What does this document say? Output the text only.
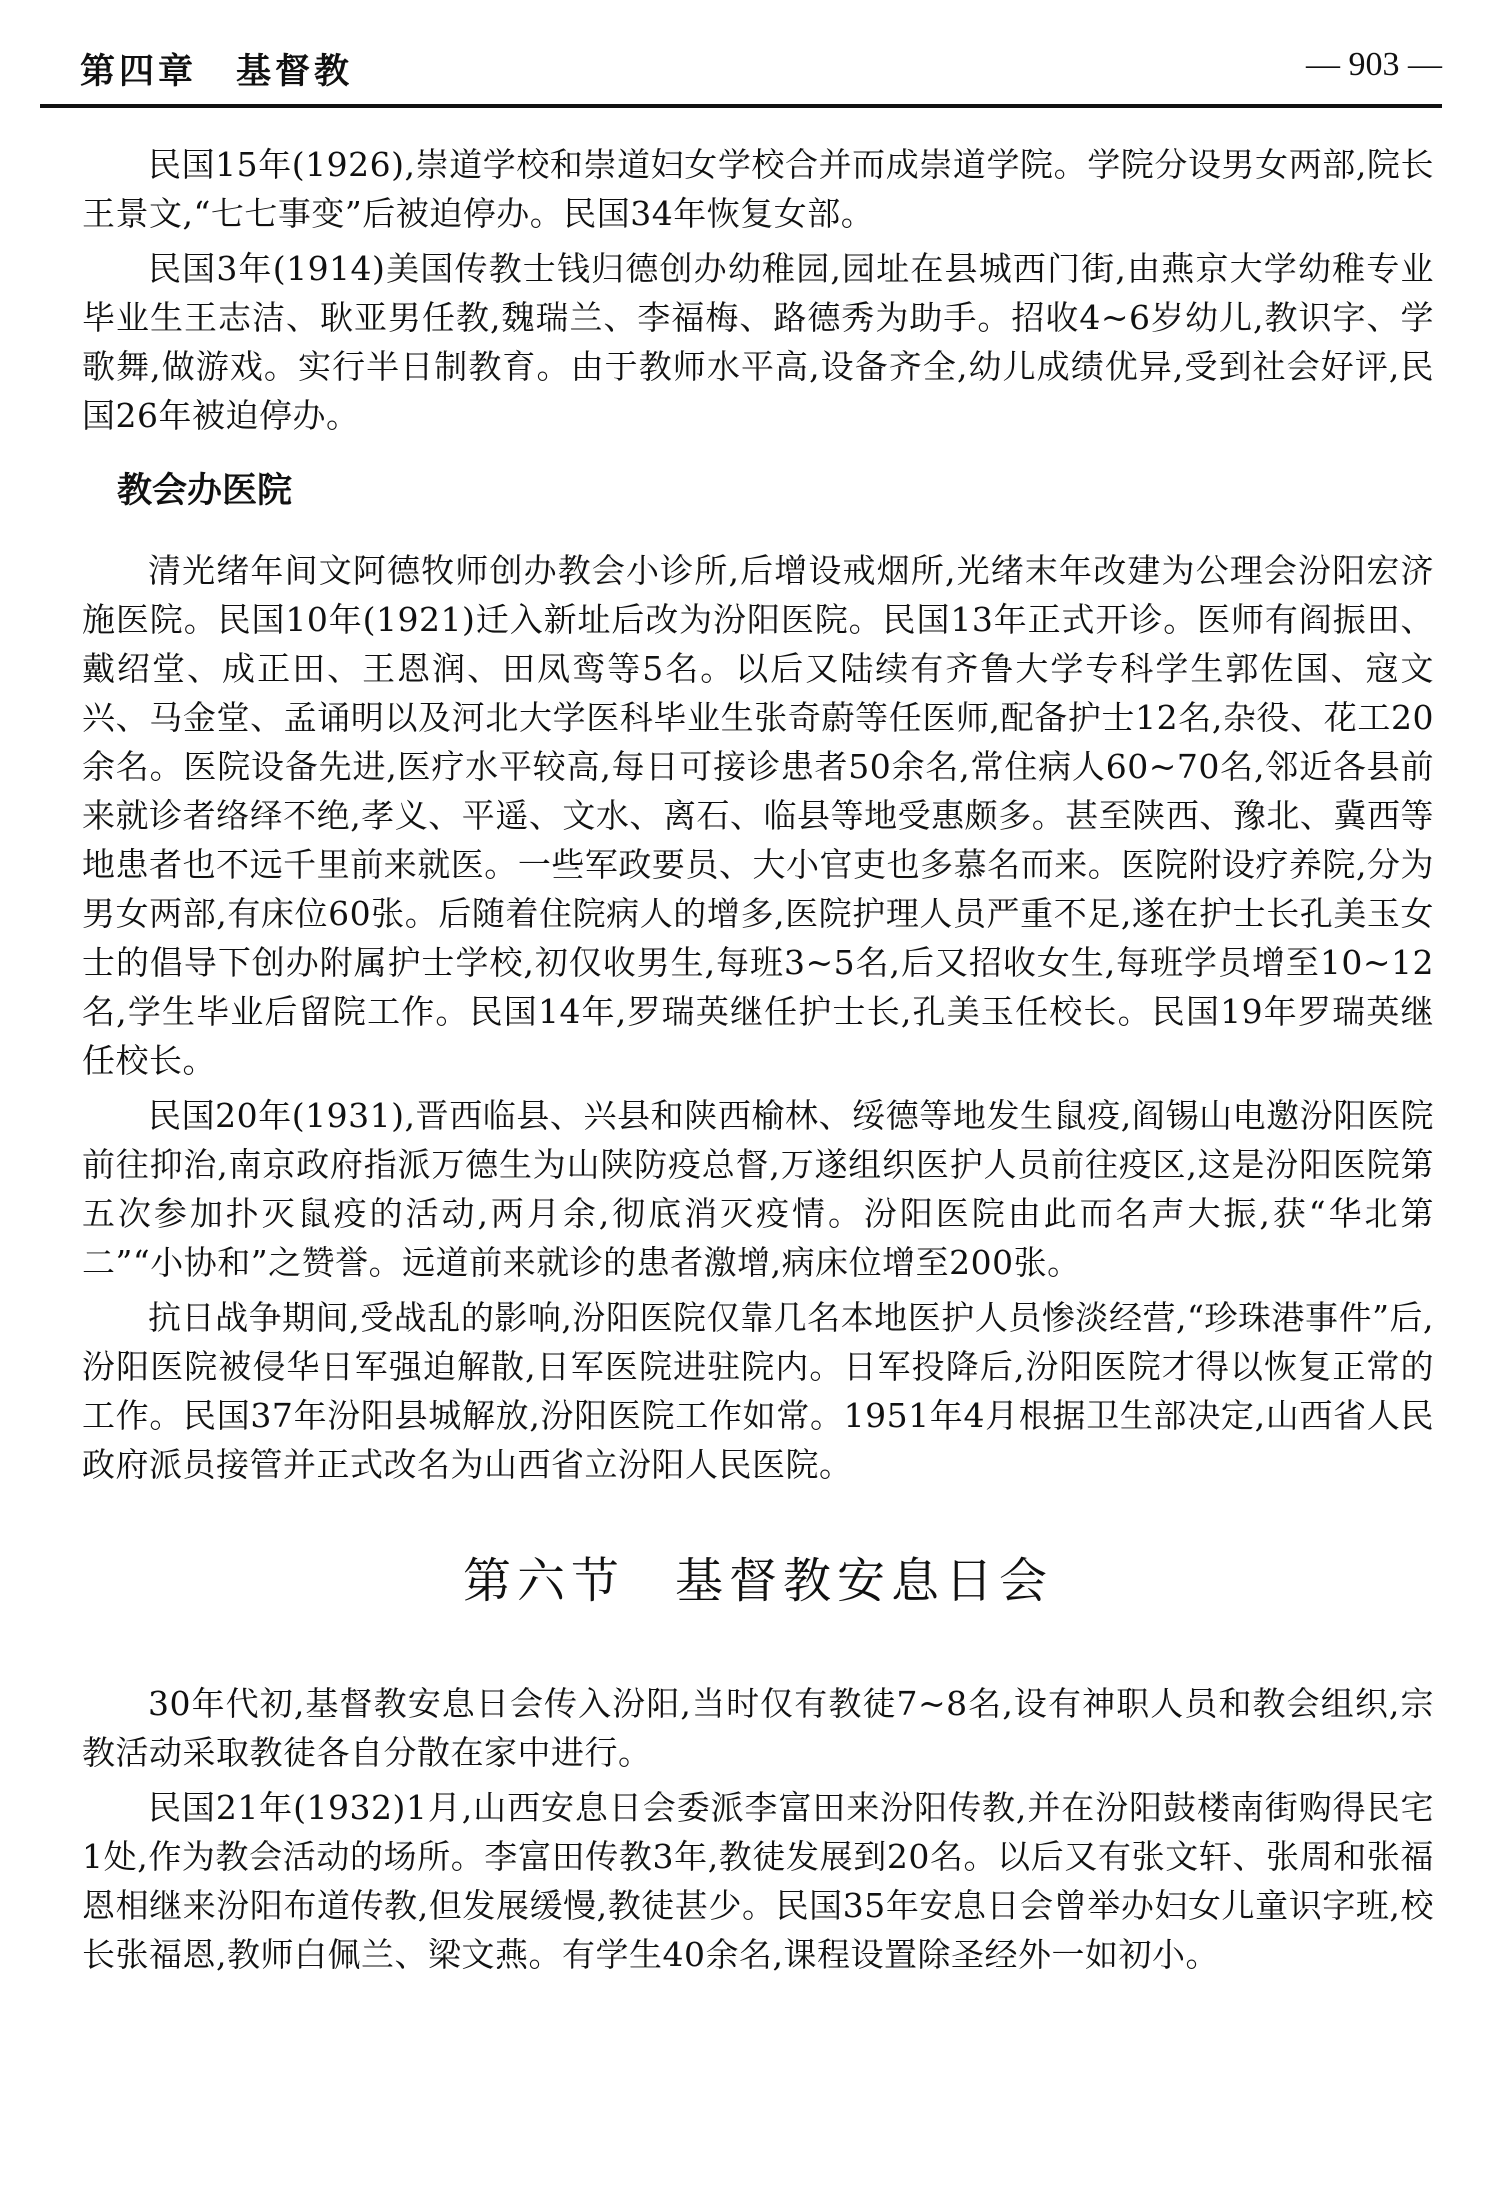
第四章　基督教	— 903 —

民国15年(1926),崇道学校和崇道妇女学校合并而成崇道学院。学院分设男女两部,院长王景文,“七七事变”后被迫停办。民国34年恢复女部。

民国3年(1914)美国传教士钱归德创办幼稚园,园址在县城西门街,由燕京大学幼稚专业毕业生王志洁、耿亚男任教,魏瑞兰、李福梅、路德秀为助手。招收4~6岁幼儿,教识字、学歌舞,做游戏。实行半日制教育。由于教师水平高,设备齐全,幼儿成绩优异,受到社会好评,民国26年被迫停办。

教会办医院

清光绪年间文阿德牧师创办教会小诊所,后增设戒烟所,光绪末年改建为公理会汾阳宏济施医院。民国10年(1921)迁入新址后改为汾阳医院。民国13年正式开诊。医师有阎振田、戴绍堂、成正田、王恩润、田凤鸾等5名。以后又陆续有齐鲁大学专科学生郭佐国、寇文兴、马金堂、孟诵明以及河北大学医科毕业生张奇蔚等任医师,配备护士12名,杂役、花工20余名。医院设备先进,医疗水平较高,每日可接诊患者50余名,常住病人60~70名,邻近各县前来就诊者络绎不绝,孝义、平遥、文水、离石、临县等地受惠颇多。甚至陕西、豫北、冀西等地患者也不远千里前来就医。一些军政要员、大小官吏也多慕名而来。医院附设疗养院,分为男女两部,有床位60张。后随着住院病人的增多,医院护理人员严重不足,遂在护士长孔美玉女士的倡导下创办附属护士学校,初仅收男生,每班3~5名,后又招收女生,每班学员增至10~12名,学生毕业后留院工作。民国14年,罗瑞英继任护士长,孔美玉任校长。民国19年罗瑞英继任校长。

民国20年(1931),晋西临县、兴县和陕西榆林、绥德等地发生鼠疫,阎锡山电邀汾阳医院前往抑治,南京政府指派万德生为山陕防疫总督,万遂组织医护人员前往疫区,这是汾阳医院第五次参加扑灭鼠疫的活动,两月余,彻底消灭疫情。汾阳医院由此而名声大振,获“华北第二”“小协和”之赞誉。远道前来就诊的患者激增,病床位增至200张。

抗日战争期间,受战乱的影响,汾阳医院仅靠几名本地医护人员惨淡经营,“珍珠港事件”后,汾阳医院被侵华日军强迫解散,日军医院进驻院内。日军投降后,汾阳医院才得以恢复正常的工作。民国37年汾阳县城解放,汾阳医院工作如常。1951年4月根据卫生部决定,山西省人民政府派员接管并正式改名为山西省立汾阳人民医院。

第六节 基督教安息日会

30年代初,基督教安息日会传入汾阳,当时仅有教徒7~8名,设有神职人员和教会组织,宗教活动采取教徒各自分散在家中进行。

民国21年(1932)1月,山西安息日会委派李富田来汾阳传教,并在汾阳鼓楼南街购得民宅1处,作为教会活动的场所。李富田传教3年,教徒发展到20名。以后又有张文轩、张周和张福恩相继来汾阳布道传教,但发展缓慢,教徒甚少。民国35年安息日会曾举办妇女儿童识字班,校长张福恩,教师白佩兰、梁文燕。有学生40余名,课程设置除圣经外一如初小。
